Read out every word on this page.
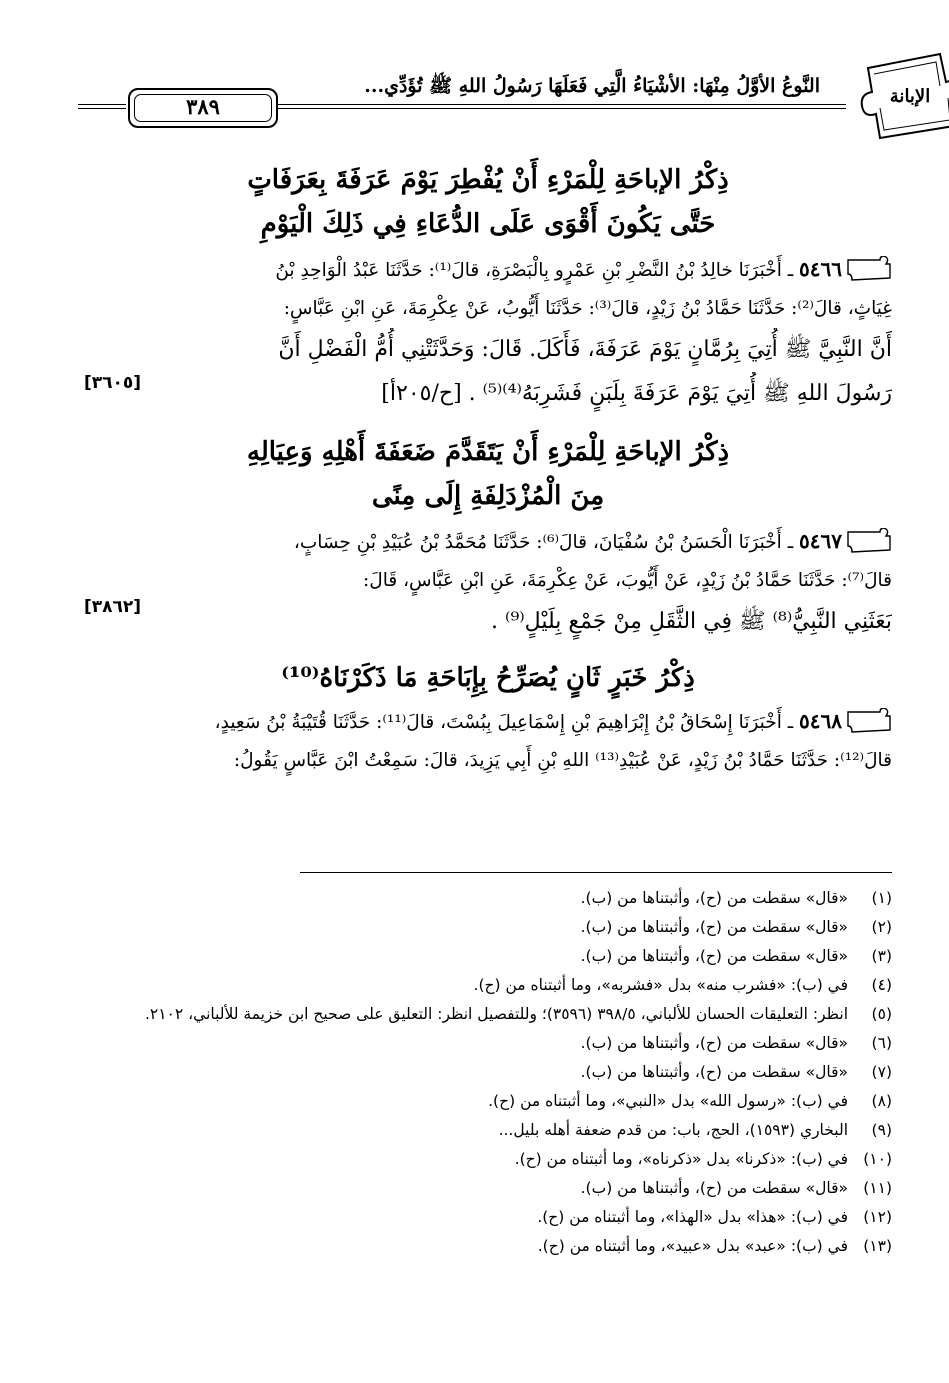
الإبانة
النَّوعُ الأوَّلُ مِنْهَا: الأشْيَاءُ الَّتِي فَعَلَهَا رَسُولُ اللهِ ﷺ تُؤَدِّي...
٣٨٩
ذِكْرُ الإباحَةِ لِلْمَرْءِ أَنْ يُفْطِرَ يَوْمَ عَرَفَةَ بِعَرَفَاتٍ
حَتَّى يَكُونَ أَقْوَى عَلَى الدُّعَاءِ فِي ذَلِكَ الْيَوْمِ
٥٤٦٦ ـ أَخْبَرَنَا خالِدُ بْنُ النَّضْرِ بْنِ عَمْرٍو بِالْبَصْرَةِ، قالَ⁽¹⁾: حَدَّثَنَا عَبْدُ الْوَاحِدِ بْنُ
غِيَاثٍ، قالَ⁽²⁾: حَدَّثَنَا حَمَّادُ بْنُ زَيْدٍ، قالَ⁽³⁾: حَدَّثَنَا أَيُّوبُ، عَنْ عِكْرِمَةَ، عَنِ ابْنِ عَبَّاسٍ:
أَنَّ النَّبِيَّ ﷺ أُتِيَ بِرُمَّانٍ يَوْمَ عَرَفَةَ، فَأَكَلَ. قَالَ: وَحَدَّثَتْنِي أُمُّ الْفَضْلِ أَنَّ
رَسُولَ اللهِ ﷺ أُتِيَ يَوْمَ عَرَفَةَ بِلَبَنٍ فَشَرِبَهُ⁽⁴⁾⁽⁵⁾ . [ح/٢٠٥أ]
[٣٦٠٥]
ذِكْرُ الإباحَةِ لِلْمَرْءِ أَنْ يَتَقَدَّمَ ضَعَفَةَ أَهْلِهِ وَعِيَالِهِ
مِنَ الْمُزْدَلِفَةِ إِلَى مِنًى
٥٤٦٧ ـ أَخْبَرَنَا الْحَسَنُ بْنُ سُفْيَانَ، قالَ⁽⁶⁾: حَدَّثَنَا مُحَمَّدُ بْنُ عُبَيْدِ بْنِ حِسَابٍ،
قالَ⁽⁷⁾: حَدَّثَنَا حَمَّادُ بْنُ زَيْدٍ، عَنْ أَيُّوبَ، عَنْ عِكْرِمَةَ، عَنِ ابْنِ عَبَّاسٍ، قَالَ:
بَعَثَنِي النَّبِيُّ⁽⁸⁾ ﷺ فِي الثَّقَلِ مِنْ جَمْعٍ بِلَيْلٍ⁽⁹⁾ .
[٣٨٦٢]
ذِكْرُ خَبَرٍ ثَانٍ يُصَرِّحُ بِإِبَاحَةِ مَا ذَكَرْنَاهُ⁽¹⁰⁾
٥٤٦٨ ـ أَخْبَرَنَا إِسْحَاقُ بْنُ إِبْرَاهِيمَ بْنِ إِسْمَاعِيلَ بِبُسْتَ، قالَ⁽¹¹⁾: حَدَّثَنَا قُتَيْبَةُ بْنُ سَعِيدٍ،
قالَ⁽¹²⁾: حَدَّثَنَا حَمَّادُ بْنُ زَيْدٍ، عَنْ عُبَيْدِ⁽¹³⁾ اللهِ بْنِ أَبِي يَزِيدَ، قالَ: سَمِعْتُ ابْنَ عَبَّاسٍ يَقُولُ:
(١)
«قال» سقطت من (ح)، وأثبتناها من (ب).
(٢)
«قال» سقطت من (ح)، وأثبتناها من (ب).
(٣)
«قال» سقطت من (ح)، وأثبتناها من (ب).
(٤)
في (ب): «فشرب منه» بدل «فشربه»، وما أثبتناه من (ح).
(٥)
انظر: التعليقات الحسان للألباني، ٣٩٨/٥ (٣٥٩٦)؛ وللتفصيل انظر: التعليق على صحيح ابن خزيمة للألباني، ٢١٠٢.
(٦)
«قال» سقطت من (ح)، وأثبتناها من (ب).
(٧)
«قال» سقطت من (ح)، وأثبتناها من (ب).
(٨)
في (ب): «رسول الله» بدل «النبي»، وما أثبتناه من (ح).
(٩)
البخاري (١٥٩٣)، الحج، باب: من قدم ضعفة أهله بليل...
(١٠)
في (ب): «ذكرنا» بدل «ذكرناه»، وما أثبتناه من (ح).
(١١)
«قال» سقطت من (ح)، وأثبتناها من (ب).
(١٢)
في (ب): «هذا» بدل «الهذا»، وما أثبتناه من (ح).
(١٣)
في (ب): «عبد» بدل «عبيد»، وما أثبتناه من (ح).
